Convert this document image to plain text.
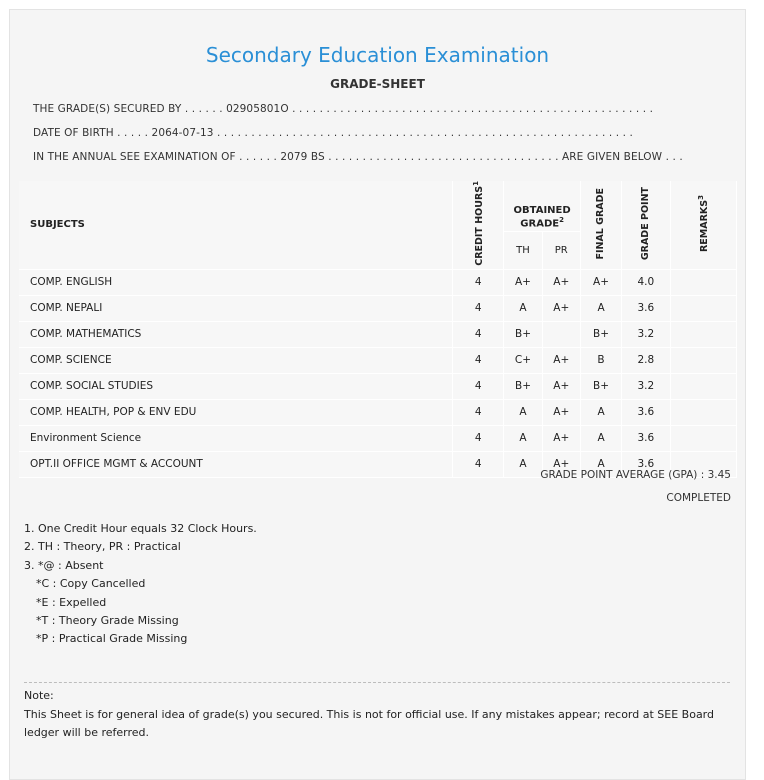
Secondary Education Examination
GRADE-SHEET
THE GRADE(S) SECURED BY . . . . . . 02905801O . . . . . . . . . . . . . . . . . . . . . . . . . . . . . . . . . . . . . . . . . . . . . . . . . . . . .
DATE OF BIRTH . . . . . 2064-07-13 . . . . . . . . . . . . . . . . . . . . . . . . . . . . . . . . . . . . . . . . . . . . . . . . . . . . . . . . . . . . .
IN THE ANNUAL SEE EXAMINATION OF . . . . . . 2079 BS . . . . . . . . . . . . . . . . . . . . . . . . . . . . . . . . . . ARE GIVEN BELOW . . .
SUBJECTS	CREDIT HOURS$^1$	OBTAINED GRADE$^2$		FINAL GRADE	GRADE POINT	REMARKS$^3$
		TH	PR			
COMP. ENGLISH	4	A+	A+	A+	4.0	
COMP. NEPALI	4	A	A+	A	3.6	
COMP. MATHEMATICS	4	B+		B+	3.2	
COMP. SCIENCE	4	C+	A+	B	2.8	
COMP. SOCIAL STUDIES	4	B+	A+	B+	3.2	
COMP. HEALTH, POP & ENV EDU	4	A	A+	A	3.6	
Environment Science	4	A	A+	A	3.6	
OPT.II OFFICE MGMT & ACCOUNT	4	A	A+	A	3.6	
GRADE POINT AVERAGE (GPA) : 3.45
COMPLETED
1. One Credit Hour equals 32 Clock Hours.
2. TH : Theory, PR : Practical
3. *@ : Absent
*C : Copy Cancelled
*E : Expelled
*T : Theory Grade Missing
*P : Practical Grade Missing
Note:
This Sheet is for general idea of grade(s) you secured. This is not for official use. If any mistakes appear; record at SEE Board ledger will be referred.
